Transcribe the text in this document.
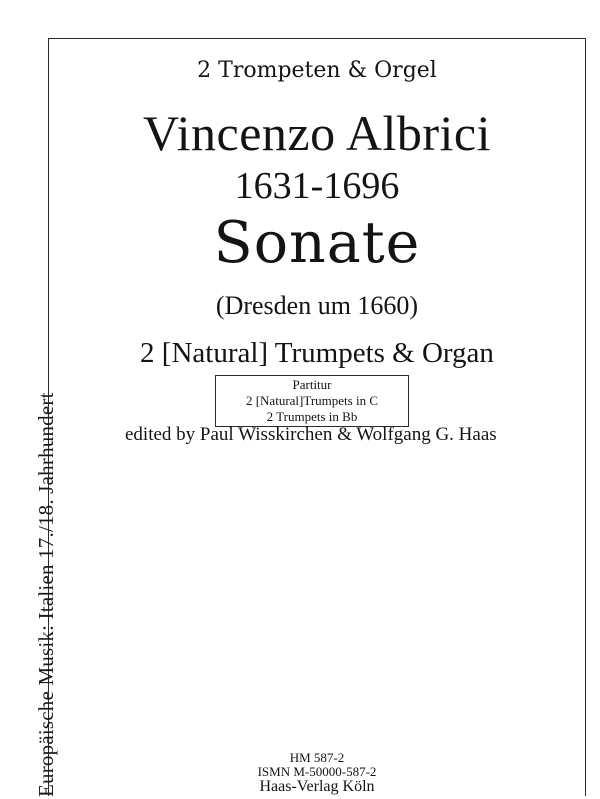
Europäische Musik: Italien 17./18. Jahrhundert
2 Trompeten & Orgel
Vincenzo Albrici
1631-1696
Sonate
(Dresden um 1660)
2 [Natural] Trumpets & Organ
Partitur
2 [Natural]Trumpets in C
2 Trumpets in Bb
edited by Paul Wisskirchen & Wolfgang G. Haas
HM 587-2
ISMN M-50000-587-2
Haas-Verlag Köln
